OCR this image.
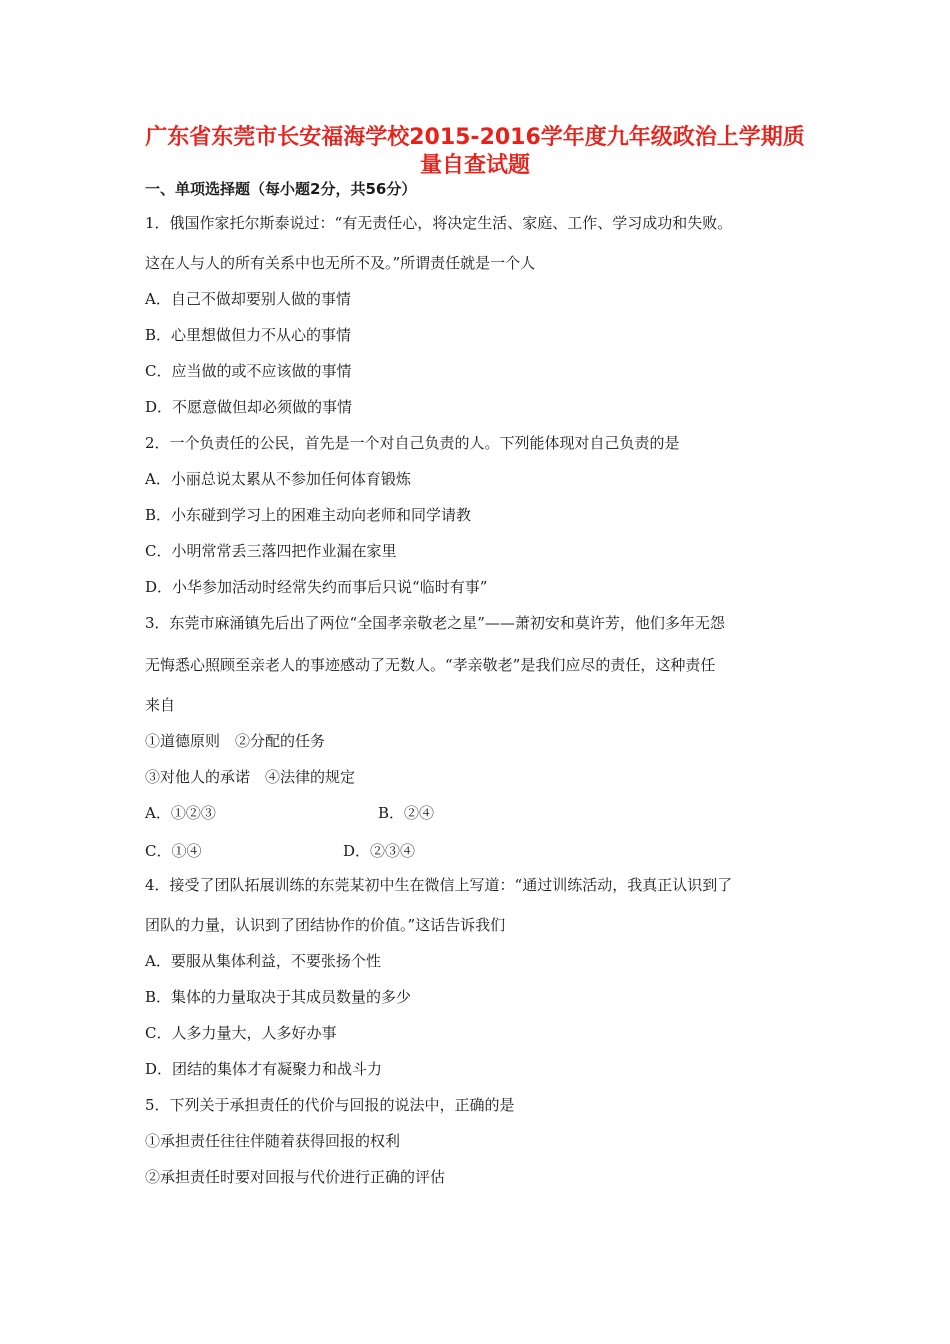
广东省东莞市长安福海学校2015-2016学年度九年级政治上学期质
量自查试题
一、单项选择题（每小题2分，共56分）
1．俄国作家托尔斯泰说过：“有无责任心，将决定生活、家庭、工作、学习成功和失败。
这在人与人的所有关系中也无所不及。”所谓责任就是一个人
A．自己不做却要别人做的事情
B．心里想做但力不从心的事情
C．应当做的或不应该做的事情
D．不愿意做但却必须做的事情
2．一个负责任的公民，首先是一个对自己负责的人。下列能体现对自己负责的是
A．小丽总说太累从不参加任何体育锻炼
B．小东碰到学习上的困难主动向老师和同学请教
C．小明常常丢三落四把作业漏在家里
D．小华参加活动时经常失约而事后只说“临时有事”
3．东莞市麻涌镇先后出了两位“全国孝亲敬老之星”——萧初安和莫许芳，他们多年无怨
无悔悉心照顾至亲老人的事迹感动了无数人。“孝亲敬老”是我们应尽的责任，这种责任
来自
①道德原则　②分配的任务
③对他人的承诺　④法律的规定
A．①②③	B．②④
C．①④	D．②③④
4．接受了团队拓展训练的东莞某初中生在微信上写道：“通过训练活动，我真正认识到了
团队的力量，认识到了团结协作的价值。”这话告诉我们
A．要服从集体利益，不要张扬个性
B．集体的力量取决于其成员数量的多少
C．人多力量大，人多好办事
D．团结的集体才有凝聚力和战斗力
5．下列关于承担责任的代价与回报的说法中，正确的是
①承担责任往往伴随着获得回报的权利
②承担责任时要对回报与代价进行正确的评估
